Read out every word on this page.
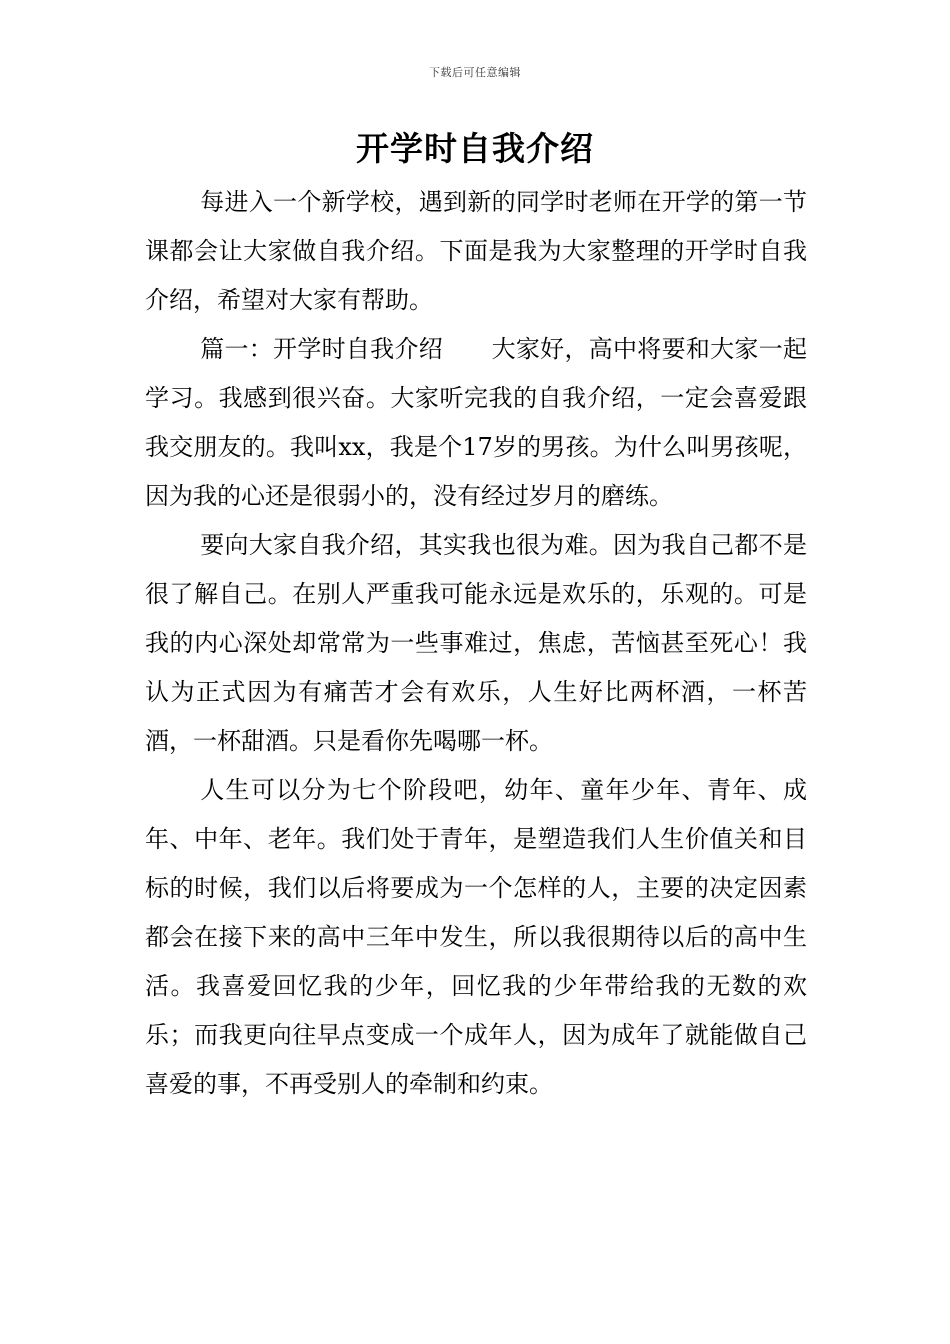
下载后可任意编辑
开学时自我介绍

每进入一个新学校，遇到新的同学时老师在开学的第一节课都会让大家做自我介绍。下面是我为大家整理的开学时自我介绍，希望对大家有帮助。

篇一：开学时自我介绍　　大家好，高中将要和大家一起学习。我感到很兴奋。大家听完我的自我介绍，一定会喜爱跟我交朋友的。我叫xx，我是个17岁的男孩。为什么叫男孩呢，因为我的心还是很弱小的，没有经过岁月的磨练。

要向大家自我介绍，其实我也很为难。因为我自己都不是很了解自己。在别人严重我可能永远是欢乐的，乐观的。可是我的内心深处却常常为一些事难过，焦虑，苦恼甚至死心！我认为正式因为有痛苦才会有欢乐，人生好比两杯酒，一杯苦酒，一杯甜酒。只是看你先喝哪一杯。

人生可以分为七个阶段吧，幼年、童年少年、青年、成年、中年、老年。我们处于青年，是塑造我们人生价值关和目标的时候，我们以后将要成为一个怎样的人，主要的决定因素都会在接下来的高中三年中发生，所以我很期待以后的高中生活。我喜爱回忆我的少年，回忆我的少年带给我的无数的欢乐；而我更向往早点变成一个成年人，因为成年了就能做自己喜爱的事，不再受别人的牵制和约束。
